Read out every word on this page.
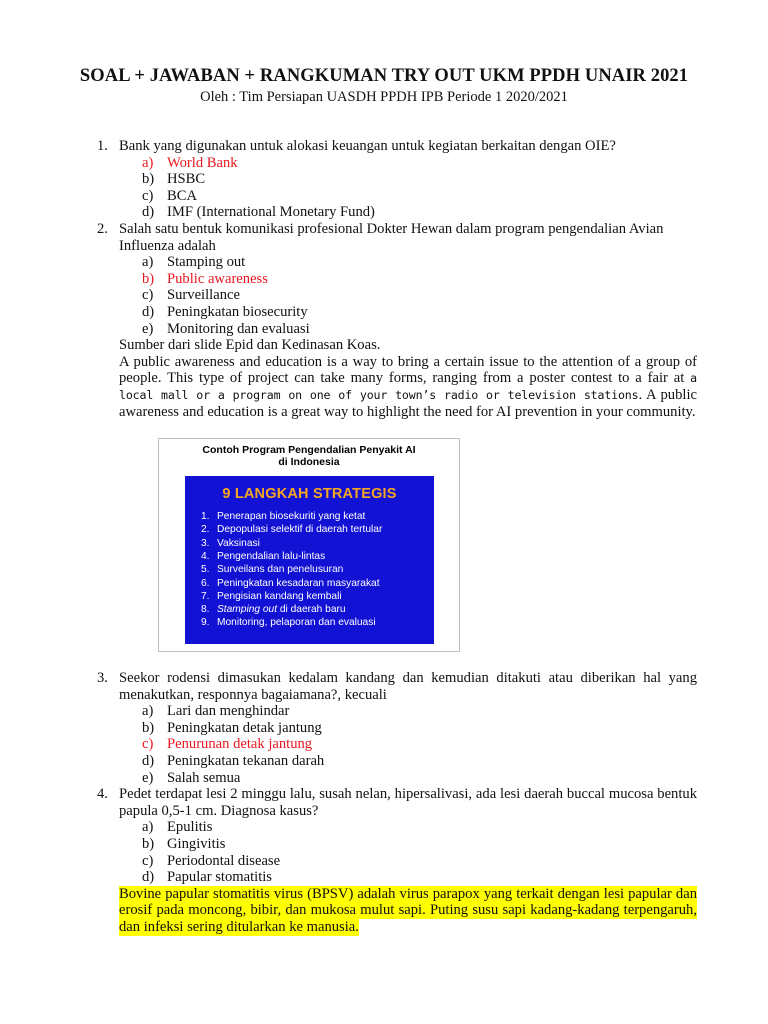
SOAL + JAWABAN + RANGKUMAN TRY OUT UKM PPDH UNAIR 2021
Oleh : Tim Persiapan UASDH PPDH IPB Periode 1 2020/2021
1. Bank yang digunakan untuk alokasi keuangan untuk kegiatan berkaitan dengan OIE?
a) World Bank
b) HSBC
c) BCA
d) IMF (International Monetary Fund)
2. Salah satu bentuk komunikasi profesional Dokter Hewan dalam program pengendalian Avian Influenza adalah
a) Stamping out
b) Public awareness
c) Surveillance
d) Peningkatan biosecurity
e) Monitoring dan evaluasi
Sumber dari slide Epid dan Kedinasan Koas.
A public awareness and education is a way to bring a certain issue to the attention of a group of people. This type of project can take many forms, ranging from a poster contest to a fair at a local mall or a program on one of your town’s radio or television stations. A public awareness and education is a great way to highlight the need for AI prevention in your community.
Contoh Program Pengendalian Penyakit AI
di Indonesia
9 LANGKAH STRATEGIS
1. Penerapan biosekuriti yang ketat
2. Depopulasi selektif di daerah tertular
3. Vaksinasi
4. Pengendalian lalu-lintas
5. Surveilans dan penelusuran
6. Peningkatan kesadaran masyarakat
7. Pengisian kandang kembali
8. Stamping out di daerah baru
9. Monitoring, pelaporan dan evaluasi
3. Seekor rodensi dimasukan kedalam kandang dan kemudian ditakuti atau diberikan hal yang menakutkan, responnya bagaiamana?, kecuali
a) Lari dan menghindar
b) Peningkatan detak jantung
c) Penurunan detak jantung
d) Peningkatan tekanan darah
e) Salah semua
4. Pedet terdapat lesi 2 minggu lalu, susah nelan, hipersalivasi, ada lesi daerah buccal mucosa bentuk papula 0,5-1 cm. Diagnosa kasus?
a) Epulitis
b) Gingivitis
c) Periodontal disease
d) Papular stomatitis
Bovine papular stomatitis virus (BPSV) adalah virus parapox yang terkait dengan lesi papular dan erosif pada moncong, bibir, dan mukosa mulut sapi. Puting susu sapi kadang-kadang terpengaruh, dan infeksi sering ditularkan ke manusia.
